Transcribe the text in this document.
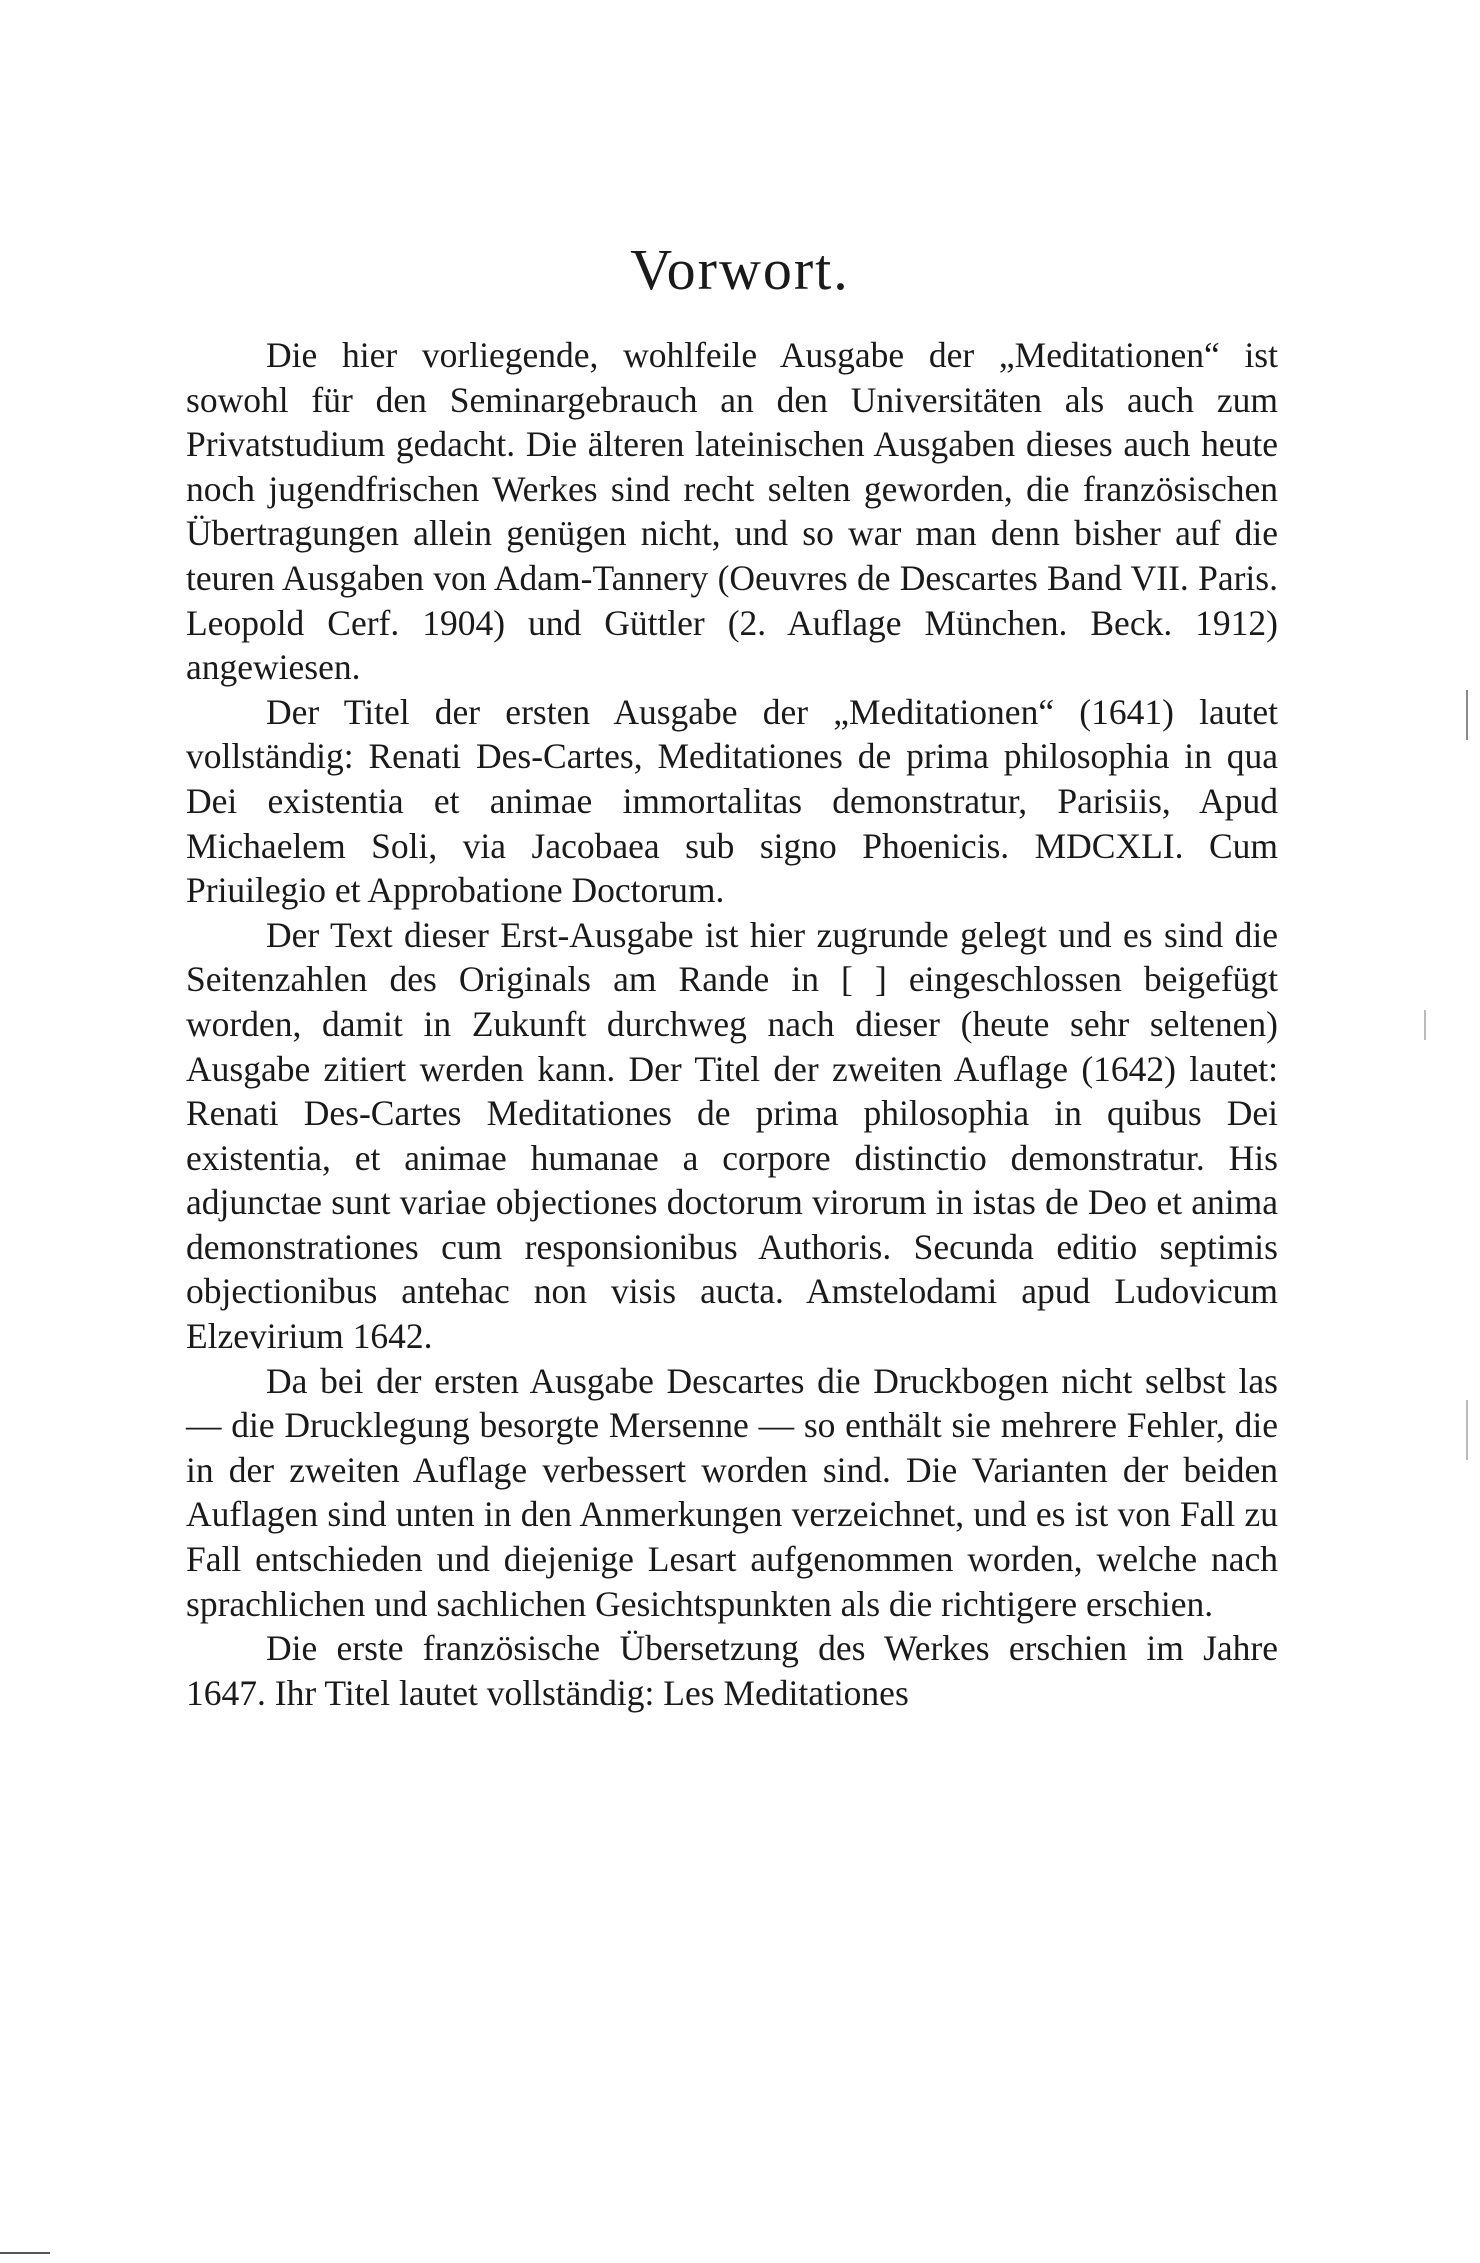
Vorwort.

Die hier vorliegende, wohlfeile Ausgabe der „Meditationen“ ist sowohl für den Seminargebrauch an den Universitäten als auch zum Privatstudium gedacht. Die älteren lateinischen Ausgaben dieses auch heute noch jugendfrischen Werkes sind recht selten geworden, die französischen Übertragungen allein genügen nicht, und so war man denn bisher auf die teuren Ausgaben von Adam-Tannery (Oeuvres de Descartes Band VII. Paris. Leopold Cerf. 1904) und Güttler (2. Auflage München. Beck. 1912) angewiesen.

Der Titel der ersten Ausgabe der „Meditationen“ (1641) lautet vollständig: Renati Des-Cartes, Meditationes de prima philosophia in qua Dei existentia et animae immortalitas demonstratur, Parisiis, Apud Michaelem Soli, via Jacobaea sub signo Phoenicis. MDCXLI. Cum Priuilegio et Approbatione Doctorum.

Der Text dieser Erst-Ausgabe ist hier zugrunde gelegt und es sind die Seitenzahlen des Originals am Rande in [ ] eingeschlossen beigefügt worden, damit in Zukunft durchweg nach dieser (heute sehr seltenen) Ausgabe zitiert werden kann. Der Titel der zweiten Auflage (1642) lautet: Renati Des-Cartes Meditationes de prima philosophia in quibus Dei existentia, et animae humanae a corpore distinctio demonstratur. His adjunctae sunt variae objectiones doctorum virorum in istas de Deo et anima demonstrationes cum responsionibus Authoris. Secunda editio septimis objectionibus antehac non visis aucta. Amstelodami apud Ludovicum Elzevirium 1642.

Da bei der ersten Ausgabe Descartes die Druckbogen nicht selbst las — die Drucklegung besorgte Mersenne — so enthält sie mehrere Fehler, die in der zweiten Auflage verbessert worden sind. Die Varianten der beiden Auflagen sind unten in den Anmerkungen verzeichnet, und es ist von Fall zu Fall entschieden und diejenige Lesart aufgenommen worden, welche nach sprachlichen und sachlichen Gesichtspunkten als die richtigere erschien.

Die erste französische Übersetzung des Werkes erschien im Jahre 1647. Ihr Titel lautet vollständig: Les Meditationes
